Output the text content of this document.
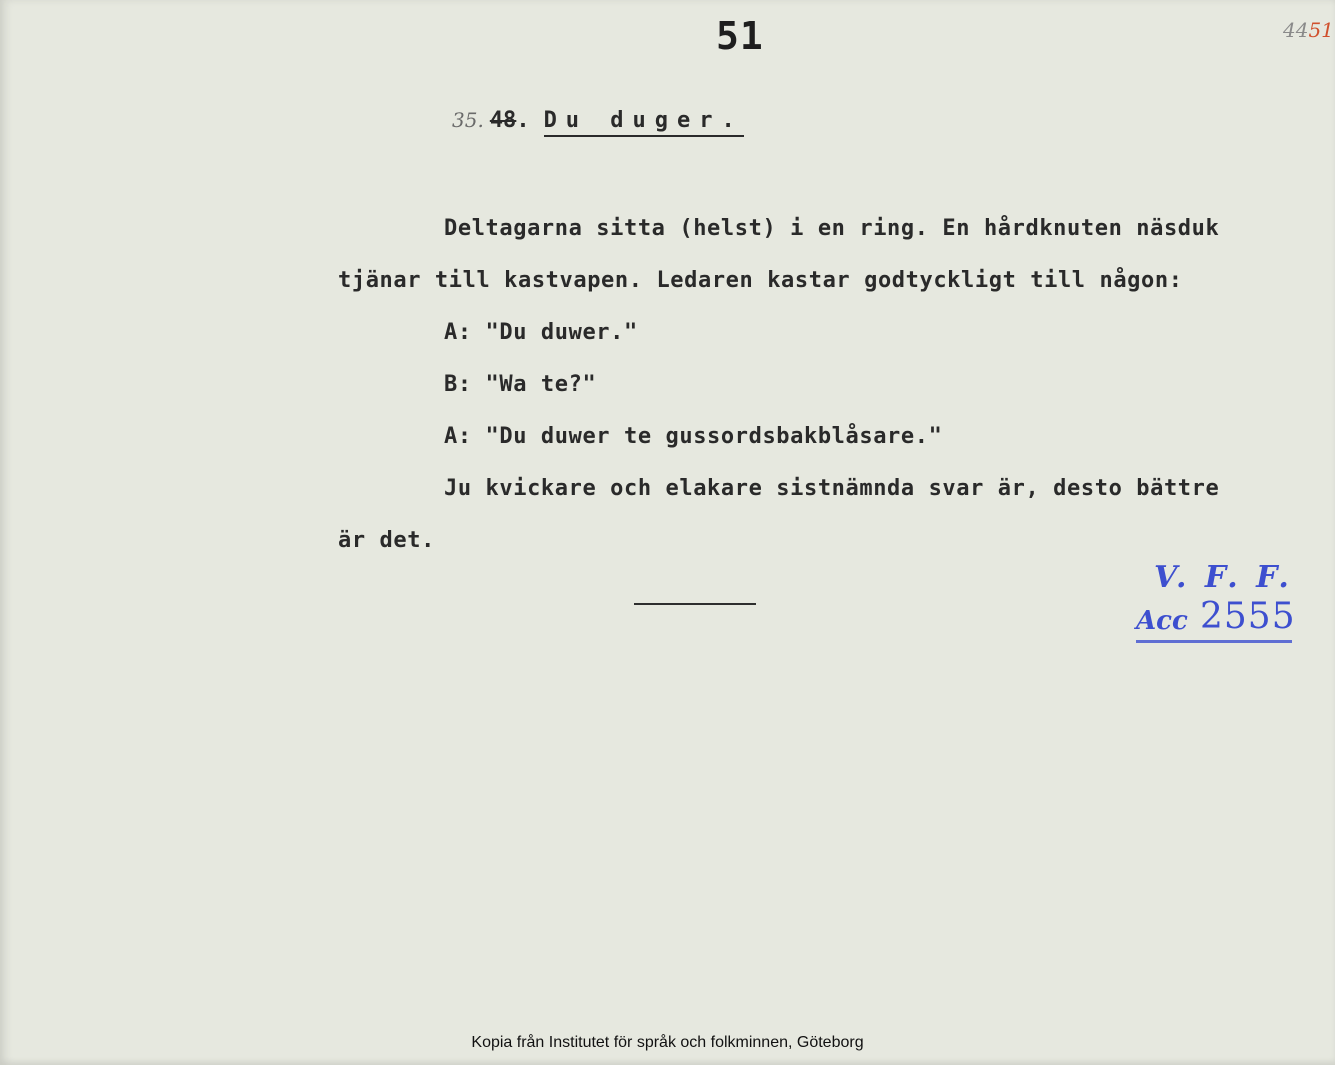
51	4451
35. 48. Du duger.
Deltagarna sitta (helst) i en ring. En hårdknuten näsduk
tjänar till kastvapen. Ledaren kastar godtyckligt till någon:
A: "Du duwer."
B: "Wa te?"
A: "Du duwer te gussordsbakblåsare."
Ju kvickare och elakare sistnämnda svar är, desto bättre
är det.
V. F. F.
Acc 2555
Kopia från Institutet för språk och folkminnen, Göteborg
